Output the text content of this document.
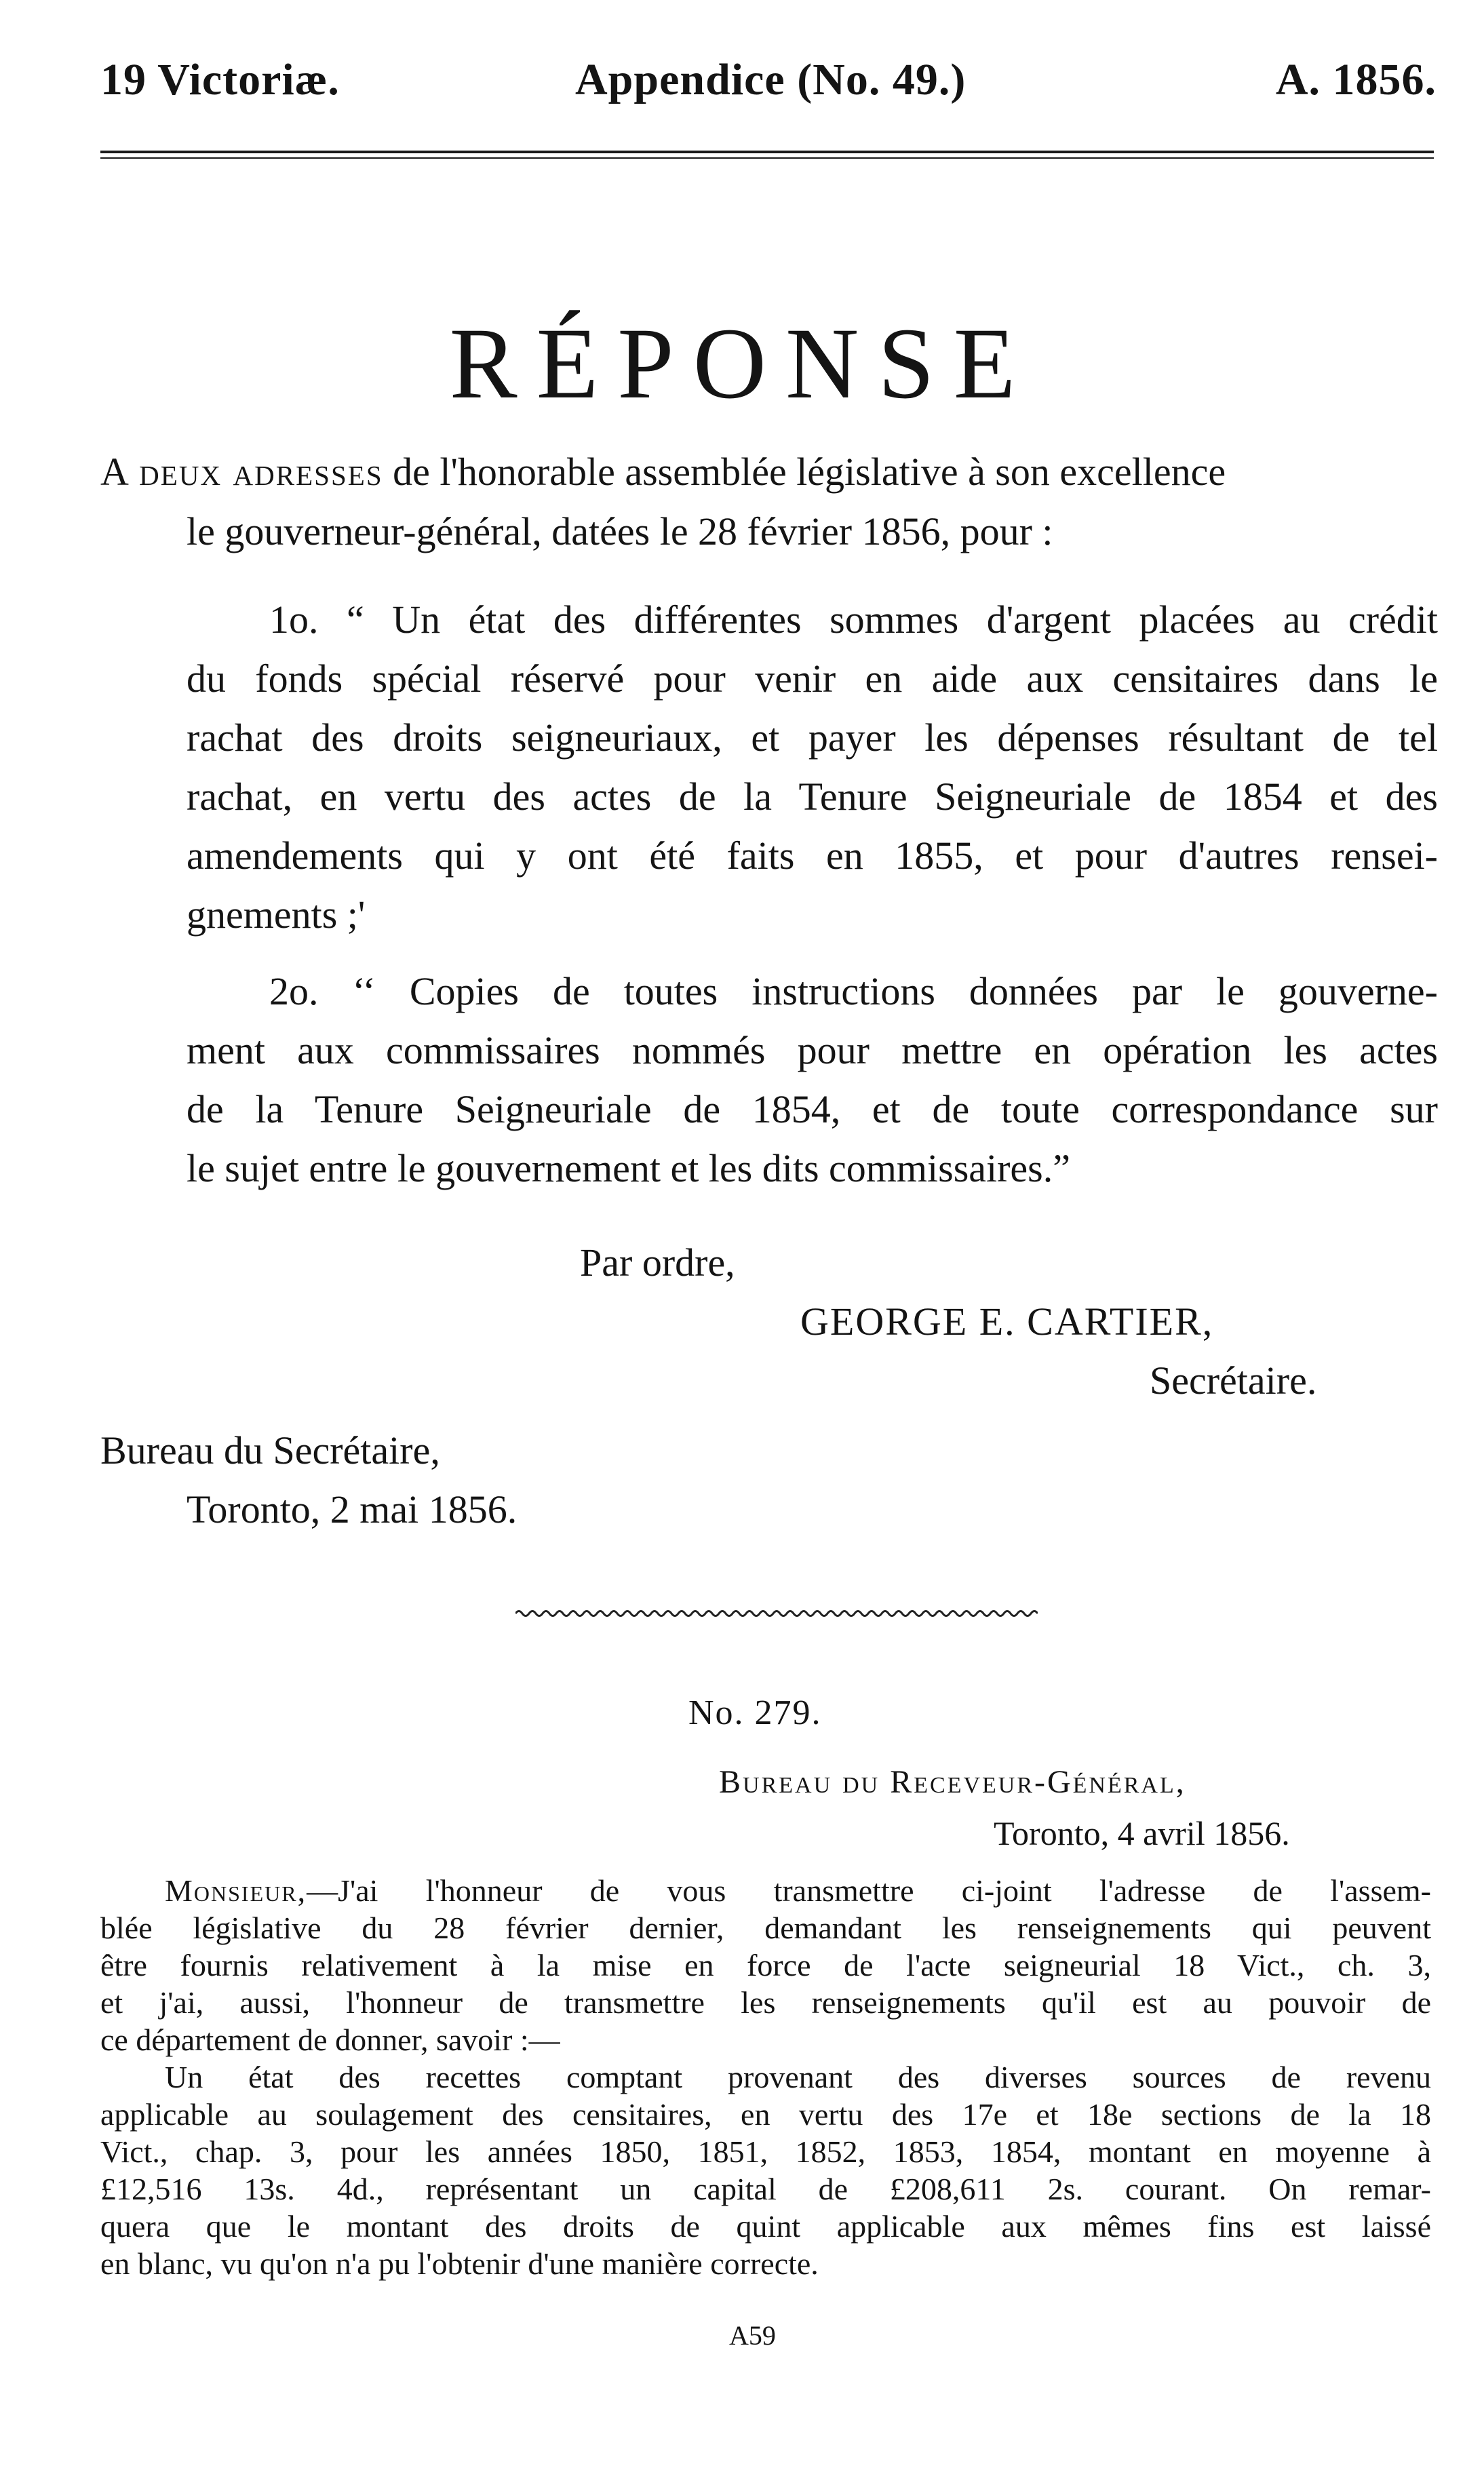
19 Victoriæ.	Appendice (No. 49.)	A. 1856.
RÉPONSE
A deux adresses de l'honorable assemblée législative à son excellence
le gouverneur-général, datées le 28 février 1856, pour :
1o. “ Un état des différentes sommes d'argent placées au crédit
du fonds spécial réservé pour venir en aide aux censitaires dans le
rachat des droits seigneuriaux, et payer les dépenses résultant de tel
rachat, en vertu des actes de la Tenure Seigneuriale de 1854 et des
amendements qui y ont été faits en 1855, et pour d'autres rensei-
gnements ;'
2o. ‘‘ Copies de toutes instructions données par le gouverne-
ment aux commissaires nommés pour mettre en opération les actes
de la Tenure Seigneuriale de 1854, et de toute correspondance sur
le sujet entre le gouvernement et les dits commissaires.”
Par ordre,
GEORGE E. CARTIER,
Secrétaire.
Bureau du Secrétaire,
Toronto, 2 mai 1856.
No. 279.
Bureau du Receveur-Général,
Toronto, 4 avril 1856.
Monsieur,—J'ai l'honneur de vous transmettre ci-joint l'adresse de l'assem-
blée législative du 28 février dernier, demandant les renseignements qui peuvent
être fournis relativement à la mise en force de l'acte seigneurial 18 Vict., ch. 3,
et j'ai, aussi, l'honneur de transmettre les renseignements qu'il est au pouvoir de
ce département de donner, savoir :—
Un état des recettes comptant provenant des diverses sources de revenu
applicable au soulagement des censitaires, en vertu des 17e et 18e sections de la 18
Vict., chap. 3, pour les années 1850, 1851, 1852, 1853, 1854, montant en moyenne à
£12,516 13s. 4d., représentant un capital de £208,611 2s. courant. On remar-
quera que le montant des droits de quint applicable aux mêmes fins est laissé
en blanc, vu qu'on n'a pu l'obtenir d'une manière correcte.
A59
